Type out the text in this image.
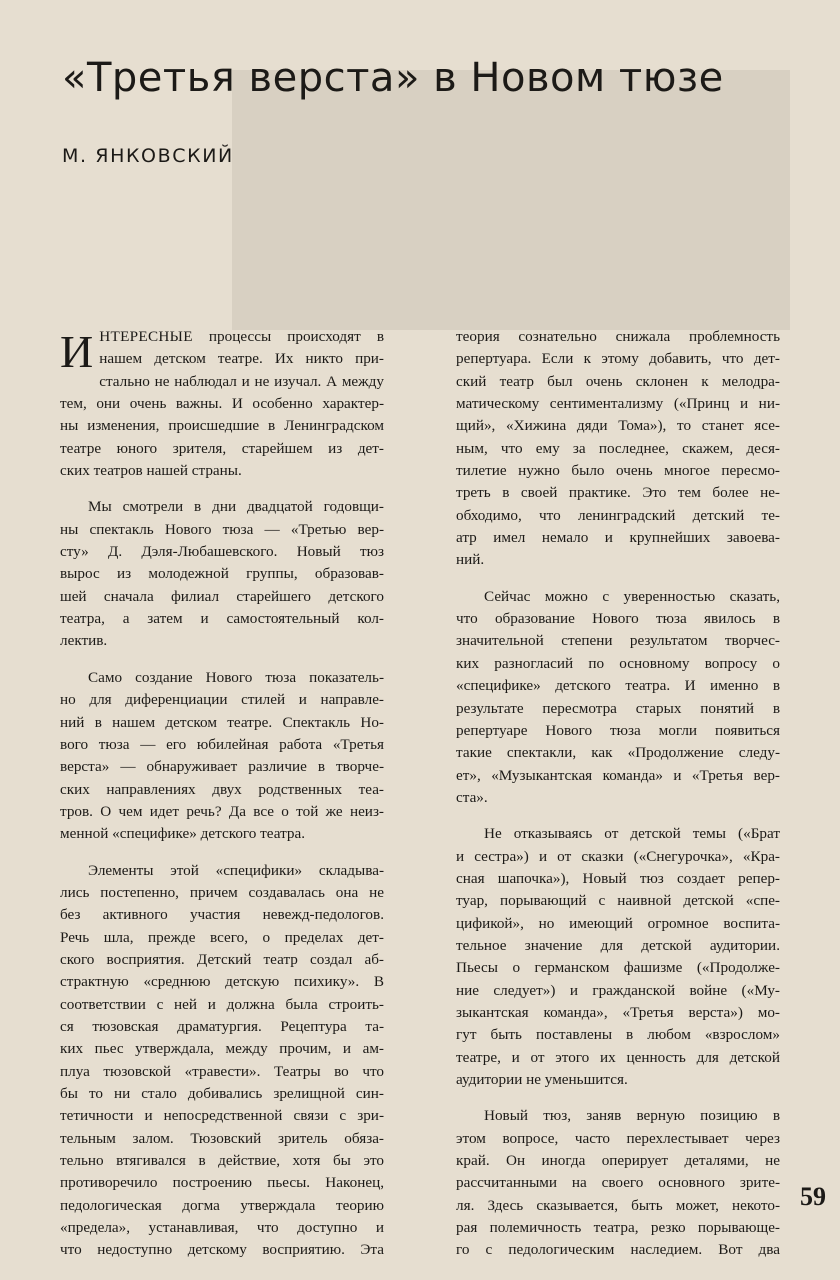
«Третья верста» в Новом тюзе
М. ЯНКОВСКИЙ
И НТЕРЕСНЫЕ процессы происходят в
нашем детском театре. Их никто при-
стально не наблюдал и не изучал. А между
тем, они очень важны. И особенно характер-
ны изменения, происшедшие в Ленинградском
театре юного зрителя, старейшем из дет-
ских театров нашей страны.
Мы смотрели в дни двадцатой годовщи-
ны спектакль Нового тюза — «Третью вер-
сту» Д. Дэля-Любашевского. Новый тюз
вырос из молодежной группы, образовав-
шей сначала филиал старейшего детского
театра, а затем и самостоятельный кол-
лектив.
Само создание Нового тюза показатель-
но для диференциации стилей и направле-
ний в нашем детском театре. Спектакль Но-
вого тюза — его юбилейная работа «Третья
верста» — обнаруживает различие в творче-
ских направлениях двух родственных теа-
тров. О чем идет речь? Да все о той же неиз-
менной «специфике» детского театра.
Элементы этой «специфики» складыва-
лись постепенно, причем создавалась она не
без активного участия невежд-педологов.
Речь шла, прежде всего, о пределах дет-
ского восприятия. Детский театр создал аб-
страктную «среднюю детскую психику». В
соответствии с ней и должна была строить-
ся тюзовская драматургия. Рецептура та-
ких пьес утверждала, между прочим, и ам-
плуа тюзовской «травести». Театры во что
бы то ни стало добивались зрелищной син-
тетичности и непосредственной связи с зри-
тельным залом. Тюзовский зритель обяза-
тельно втягивался в действие, хотя бы это
противоречило построению пьесы. Наконец,
педологическая догма утверждала теорию
«предела», устанавливая, что доступно и
что недоступно детскому восприятию. Эта
теория сознательно снижала проблемность
репертуара. Если к этому добавить, что дет-
ский театр был очень склонен к мелодра-
матическому сентиментализму («Принц и ни-
щий», «Хижина дяди Тома»), то станет ясе-
ным, что ему за последнее, скажем, деся-
тилетие нужно было очень многое пересмо-
треть в своей практике. Это тем более не-
обходимо, что ленинградский детский те-
атр имел немало и крупнейших завоева-
ний.
Сейчас можно с уверенностью сказать,
что образование Нового тюза явилось в
значительной степени результатом творчес-
ких разногласий по основному вопросу о
«специфике» детского театра. И именно в
результате пересмотра старых понятий в
репертуаре Нового тюза могли появиться
такие спектакли, как «Продолжение следу-
ет», «Музыкантская команда» и «Третья вер-
ста».
Не отказываясь от детской темы («Брат
и сестра») и от сказки («Снегурочка», «Кра-
сная шапочка»), Новый тюз создает репер-
туар, порывающий с наивной детской «спе-
цификой», но имеющий огромное воспита-
тельное значение для детской аудитории.
Пьесы о германском фашизме («Продолже-
ние следует») и гражданской войне («Му-
зыкантская команда», «Третья верста») мо-
гут быть поставлены в любом «взрослом»
театре, и от этого их ценность для детской
аудитории не уменьшится.
Новый тюз, заняв верную позицию в
этом вопросе, часто перехлестывает через
край. Он иногда оперирует деталями, не
рассчитанными на своего основного зрите-
ля. Здесь сказывается, быть может, некото-
рая полемичность театра, резко порывающе-
го с педологическим наследием. Вот два
59
